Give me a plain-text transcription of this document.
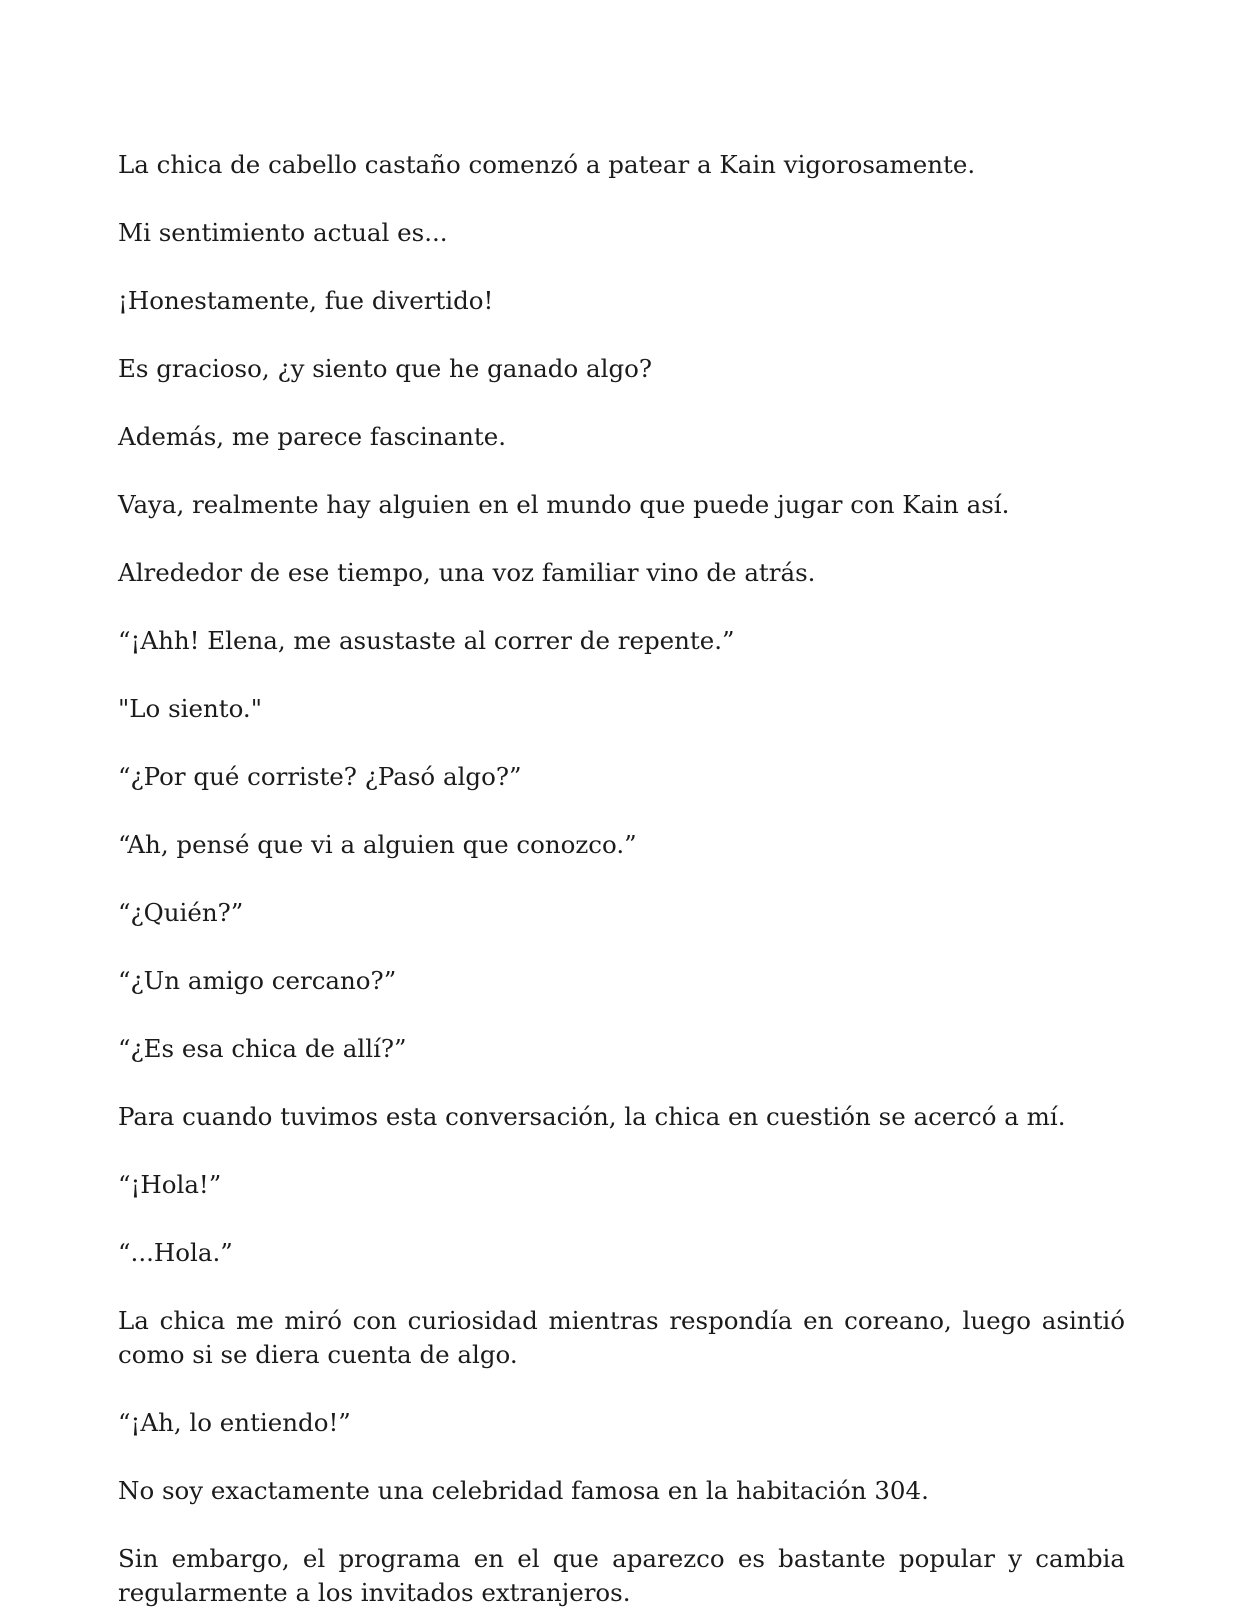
La chica de cabello castaño comenzó a patear a Kain vigorosamente.

Mi sentimiento actual es...

¡Honestamente, fue divertido!

Es gracioso, ¿y siento que he ganado algo?

Además, me parece fascinante.

Vaya, realmente hay alguien en el mundo que puede jugar con Kain así.

Alrededor de ese tiempo, una voz familiar vino de atrás.

“¡Ahh! Elena, me asustaste al correr de repente.”

"Lo siento."

“¿Por qué corriste? ¿Pasó algo?”

“Ah, pensé que vi a alguien que conozco.”

“¿Quién?”

“¿Un amigo cercano?”

“¿Es esa chica de allí?”

Para cuando tuvimos esta conversación, la chica en cuestión se acercó a mí.

“¡Hola!”

“...Hola.”

La chica me miró con curiosidad mientras respondía en coreano, luego asintió como si se diera cuenta de algo.

“¡Ah, lo entiendo!”

No soy exactamente una celebridad famosa en la habitación 304.

Sin embargo, el programa en el que aparezco es bastante popular y cambia regularmente a los invitados extranjeros.
